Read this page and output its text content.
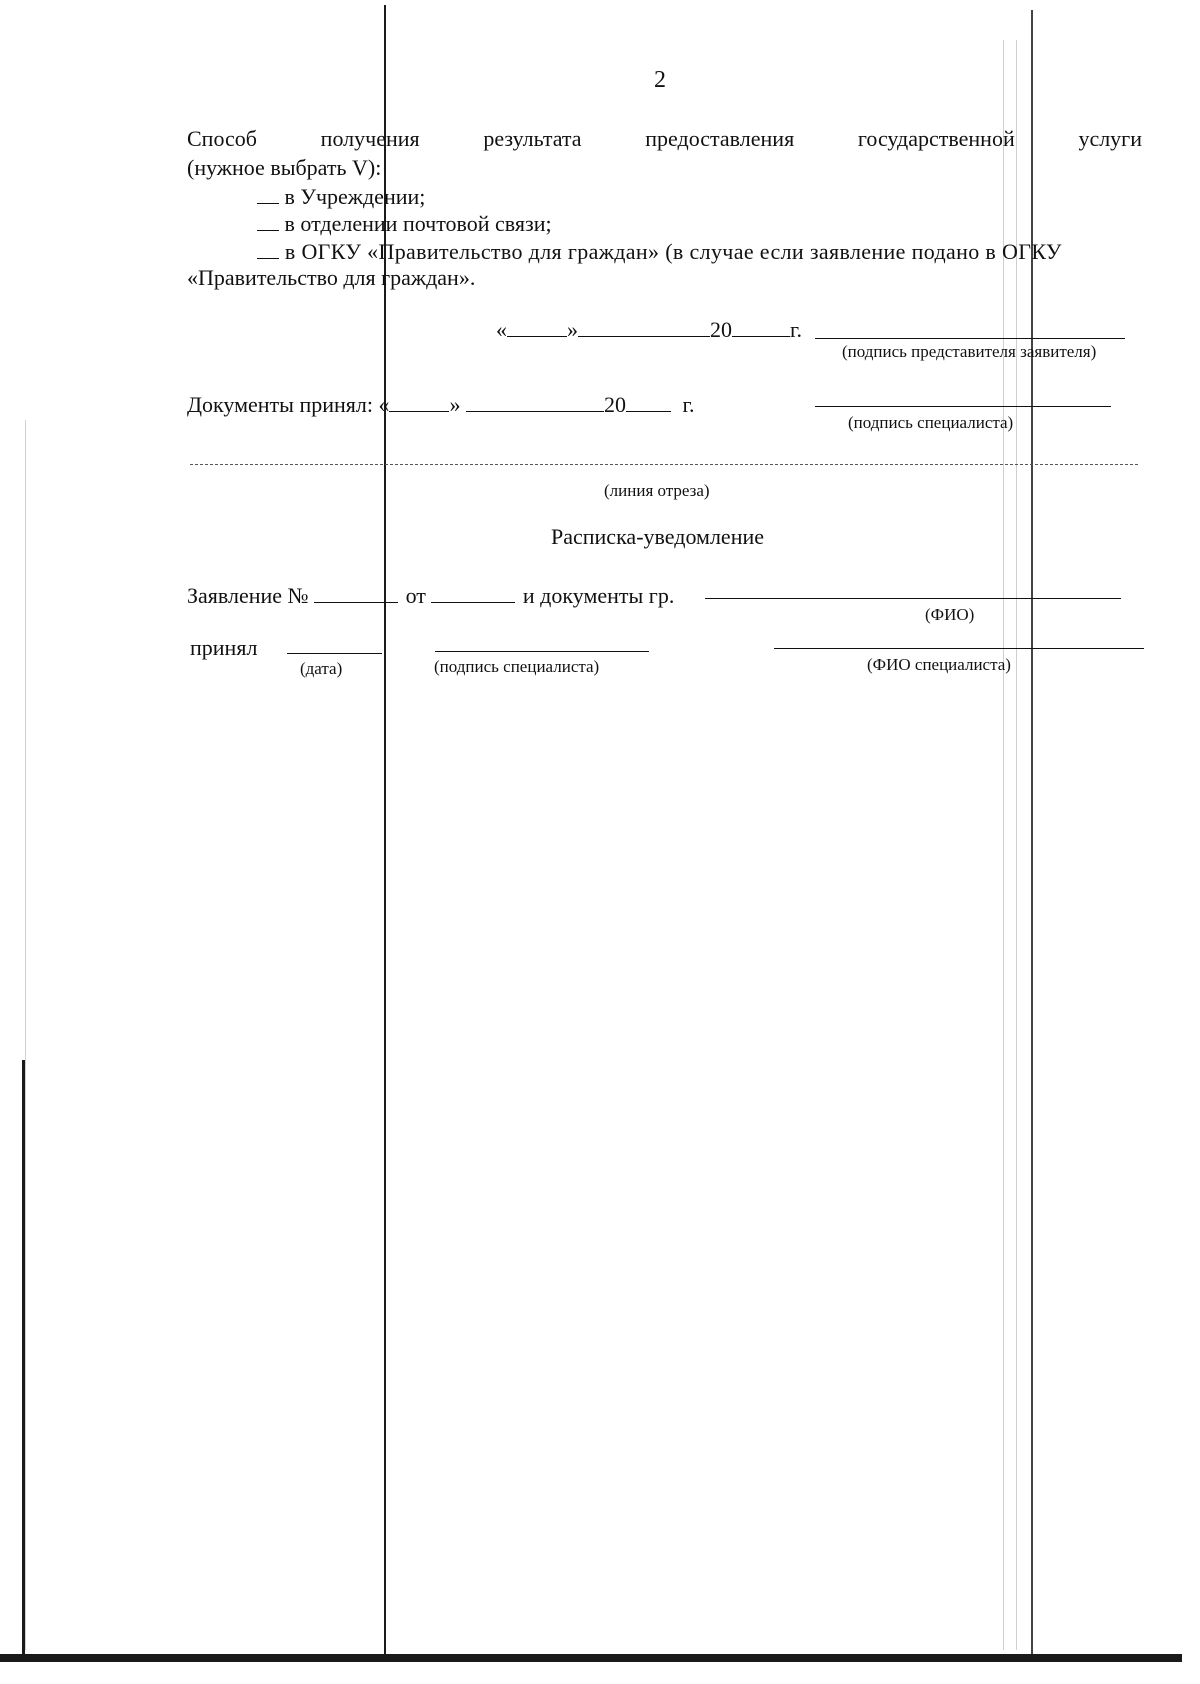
2
Способ	получения	результата	предоставления	государственной	услуги
(нужное выбрать V):
в Учреждении;
в отделении почтовой связи;
в ОГКУ «Правительство для граждан» (в случае если заявление подано в ОГКУ
«Правительство для граждан».
«	»	20	г.
(подпись представителя заявителя)
Документы принял: «	»	20	г.
(подпись специалиста)
(линия отреза)
Расписка-уведомление
Заявление №	от	и документы гр.
(ФИО)
принял
(дата)	(подпись специалиста)	(ФИО специалиста)
